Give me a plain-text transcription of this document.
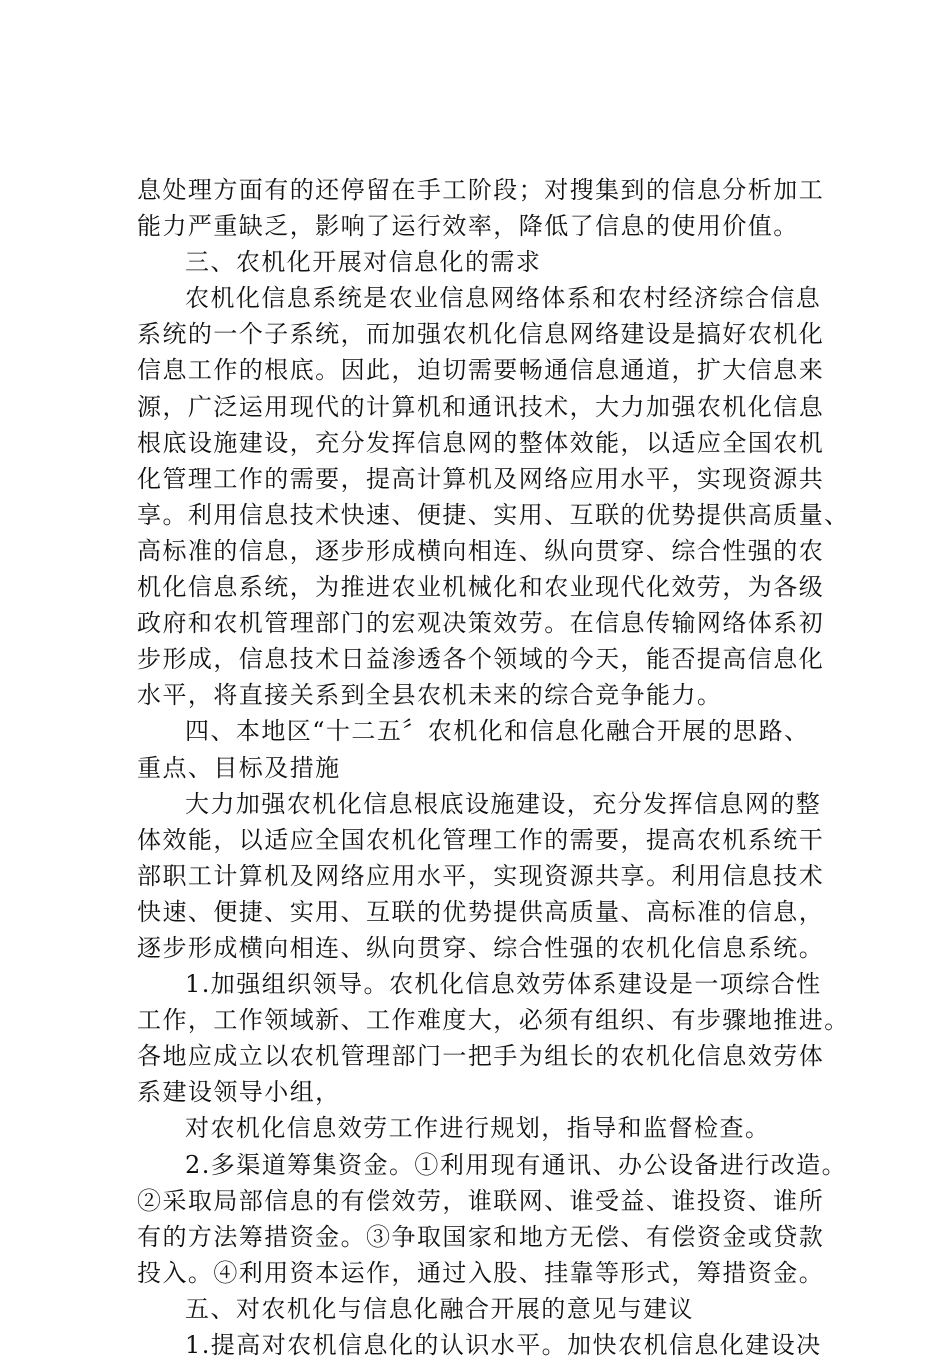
息处理方面有的还停留在手工阶段；对搜集到的信息分析加工
能力严重缺乏，影响了运行效率，降低了信息的使用价值。
三、农机化开展对信息化的需求
农机化信息系统是农业信息网络体系和农村经济综合信息
系统的一个子系统，而加强农机化信息网络建设是搞好农机化
信息工作的根底。因此，迫切需要畅通信息通道，扩大信息来
源，广泛运用现代的计算机和通讯技术，大力加强农机化信息
根底设施建设，充分发挥信息网的整体效能，以适应全国农机
化管理工作的需要，提高计算机及网络应用水平，实现资源共
享。利用信息技术快速、便捷、实用、互联的优势提供高质量、
高标准的信息，逐步形成横向相连、纵向贯穿、综合性强的农
机化信息系统，为推进农业机械化和农业现代化效劳，为各级
政府和农机管理部门的宏观决策效劳。在信息传输网络体系初
步形成，信息技术日益渗透各个领域的今天，能否提高信息化
水平，将直接关系到全县农机未来的综合竞争能力。
四、本地区“十二五〞农机化和信息化融合开展的思路、
重点、目标及措施
大力加强农机化信息根底设施建设，充分发挥信息网的整
体效能，以适应全国农机化管理工作的需要，提高农机系统干
部职工计算机及网络应用水平，实现资源共享。利用信息技术
快速、便捷、实用、互联的优势提供高质量、高标准的信息，
逐步形成横向相连、纵向贯穿、综合性强的农机化信息系统。
1.加强组织领导。农机化信息效劳体系建设是一项综合性
工作，工作领域新、工作难度大，必须有组织、有步骤地推进。
各地应成立以农机管理部门一把手为组长的农机化信息效劳体
系建设领导小组，
对农机化信息效劳工作进行规划，指导和监督检查。
2.多渠道筹集资金。①利用现有通讯、办公设备进行改造。
②采取局部信息的有偿效劳，谁联网、谁受益、谁投资、谁所
有的方法筹措资金。③争取国家和地方无偿、有偿资金或贷款
投入。④利用资本运作，通过入股、挂靠等形式，筹措资金。
五、对农机化与信息化融合开展的意见与建议
1.提高对农机信息化的认识水平。加快农机信息化建设决
